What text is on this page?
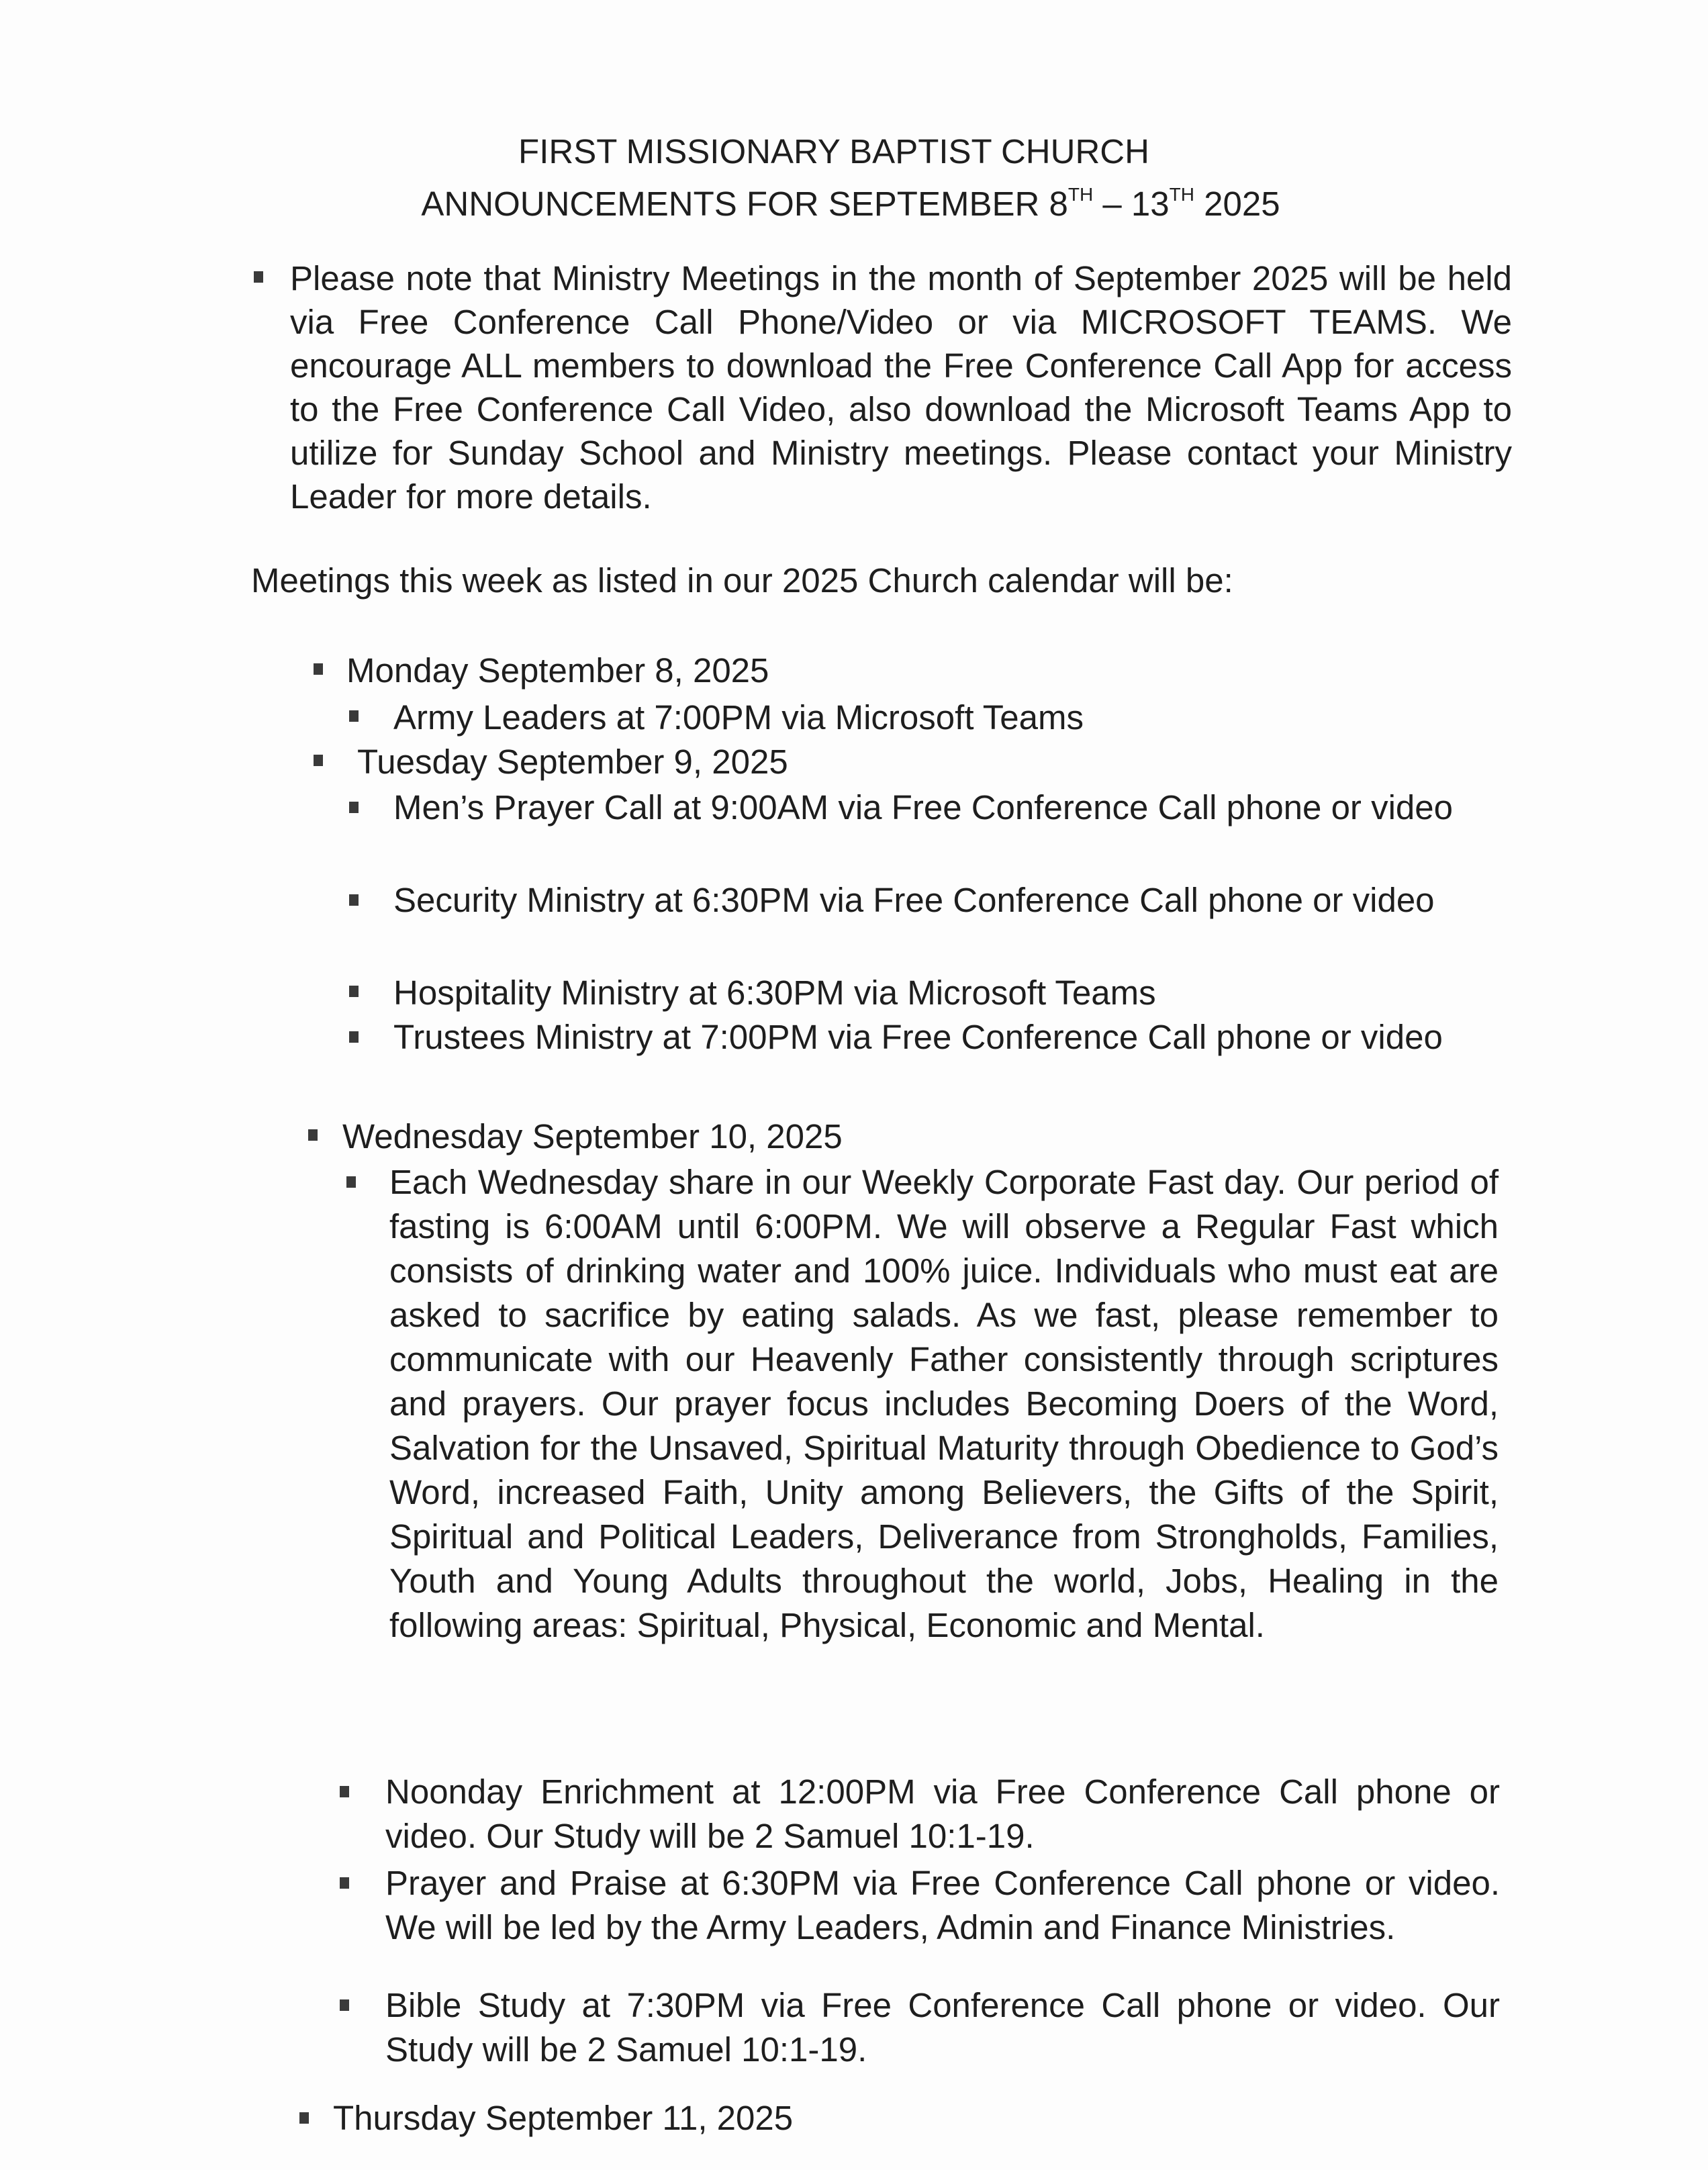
FIRST MISSIONARY BAPTIST CHURCH
ANNOUNCEMENTS FOR SEPTEMBER 8TH – 13TH 2025
Please note that Ministry Meetings in the month of September 2025 will be held via Free Conference Call Phone/Video or via MICROSOFT TEAMS. We encourage ALL members to download the Free Conference Call App for access to the Free Conference Call Video, also download the Microsoft Teams App to utilize for Sunday School and Ministry meetings. Please contact your Ministry Leader for more details.
Meetings this week as listed in our 2025 Church calendar will be:
Monday September 8, 2025
Army Leaders at 7:00PM via Microsoft Teams
Tuesday September 9, 2025
Men’s Prayer Call at 9:00AM via Free Conference Call phone or video
Security Ministry at 6:30PM via Free Conference Call phone or video
Hospitality Ministry at 6:30PM via Microsoft Teams
Trustees Ministry at 7:00PM via Free Conference Call phone or video
Wednesday September 10, 2025
Each Wednesday share in our Weekly Corporate Fast day. Our period of fasting is 6:00AM until 6:00PM. We will observe a Regular Fast which consists of drinking water and 100% juice. Individuals who must eat are asked to sacrifice by eating salads. As we fast, please remember to communicate with our Heavenly Father consistently through scriptures and prayers. Our prayer focus includes Becoming Doers of the Word, Salvation for the Unsaved, Spiritual Maturity through Obedience to God’s Word, increased Faith, Unity among Believers, the Gifts of the Spirit, Spiritual and Political Leaders, Deliverance from Strongholds, Families, Youth and Young Adults throughout the world, Jobs, Healing in the following areas: Spiritual, Physical, Economic and Mental.
Noonday Enrichment at 12:00PM via Free Conference Call phone or video. Our Study will be 2 Samuel 10:1-19.
Prayer and Praise at 6:30PM via Free Conference Call phone or video. We will be led by the Army Leaders, Admin and Finance Ministries.
Bible Study at 7:30PM via Free Conference Call phone or video. Our Study will be 2 Samuel 10:1-19.
Thursday September 11, 2025
